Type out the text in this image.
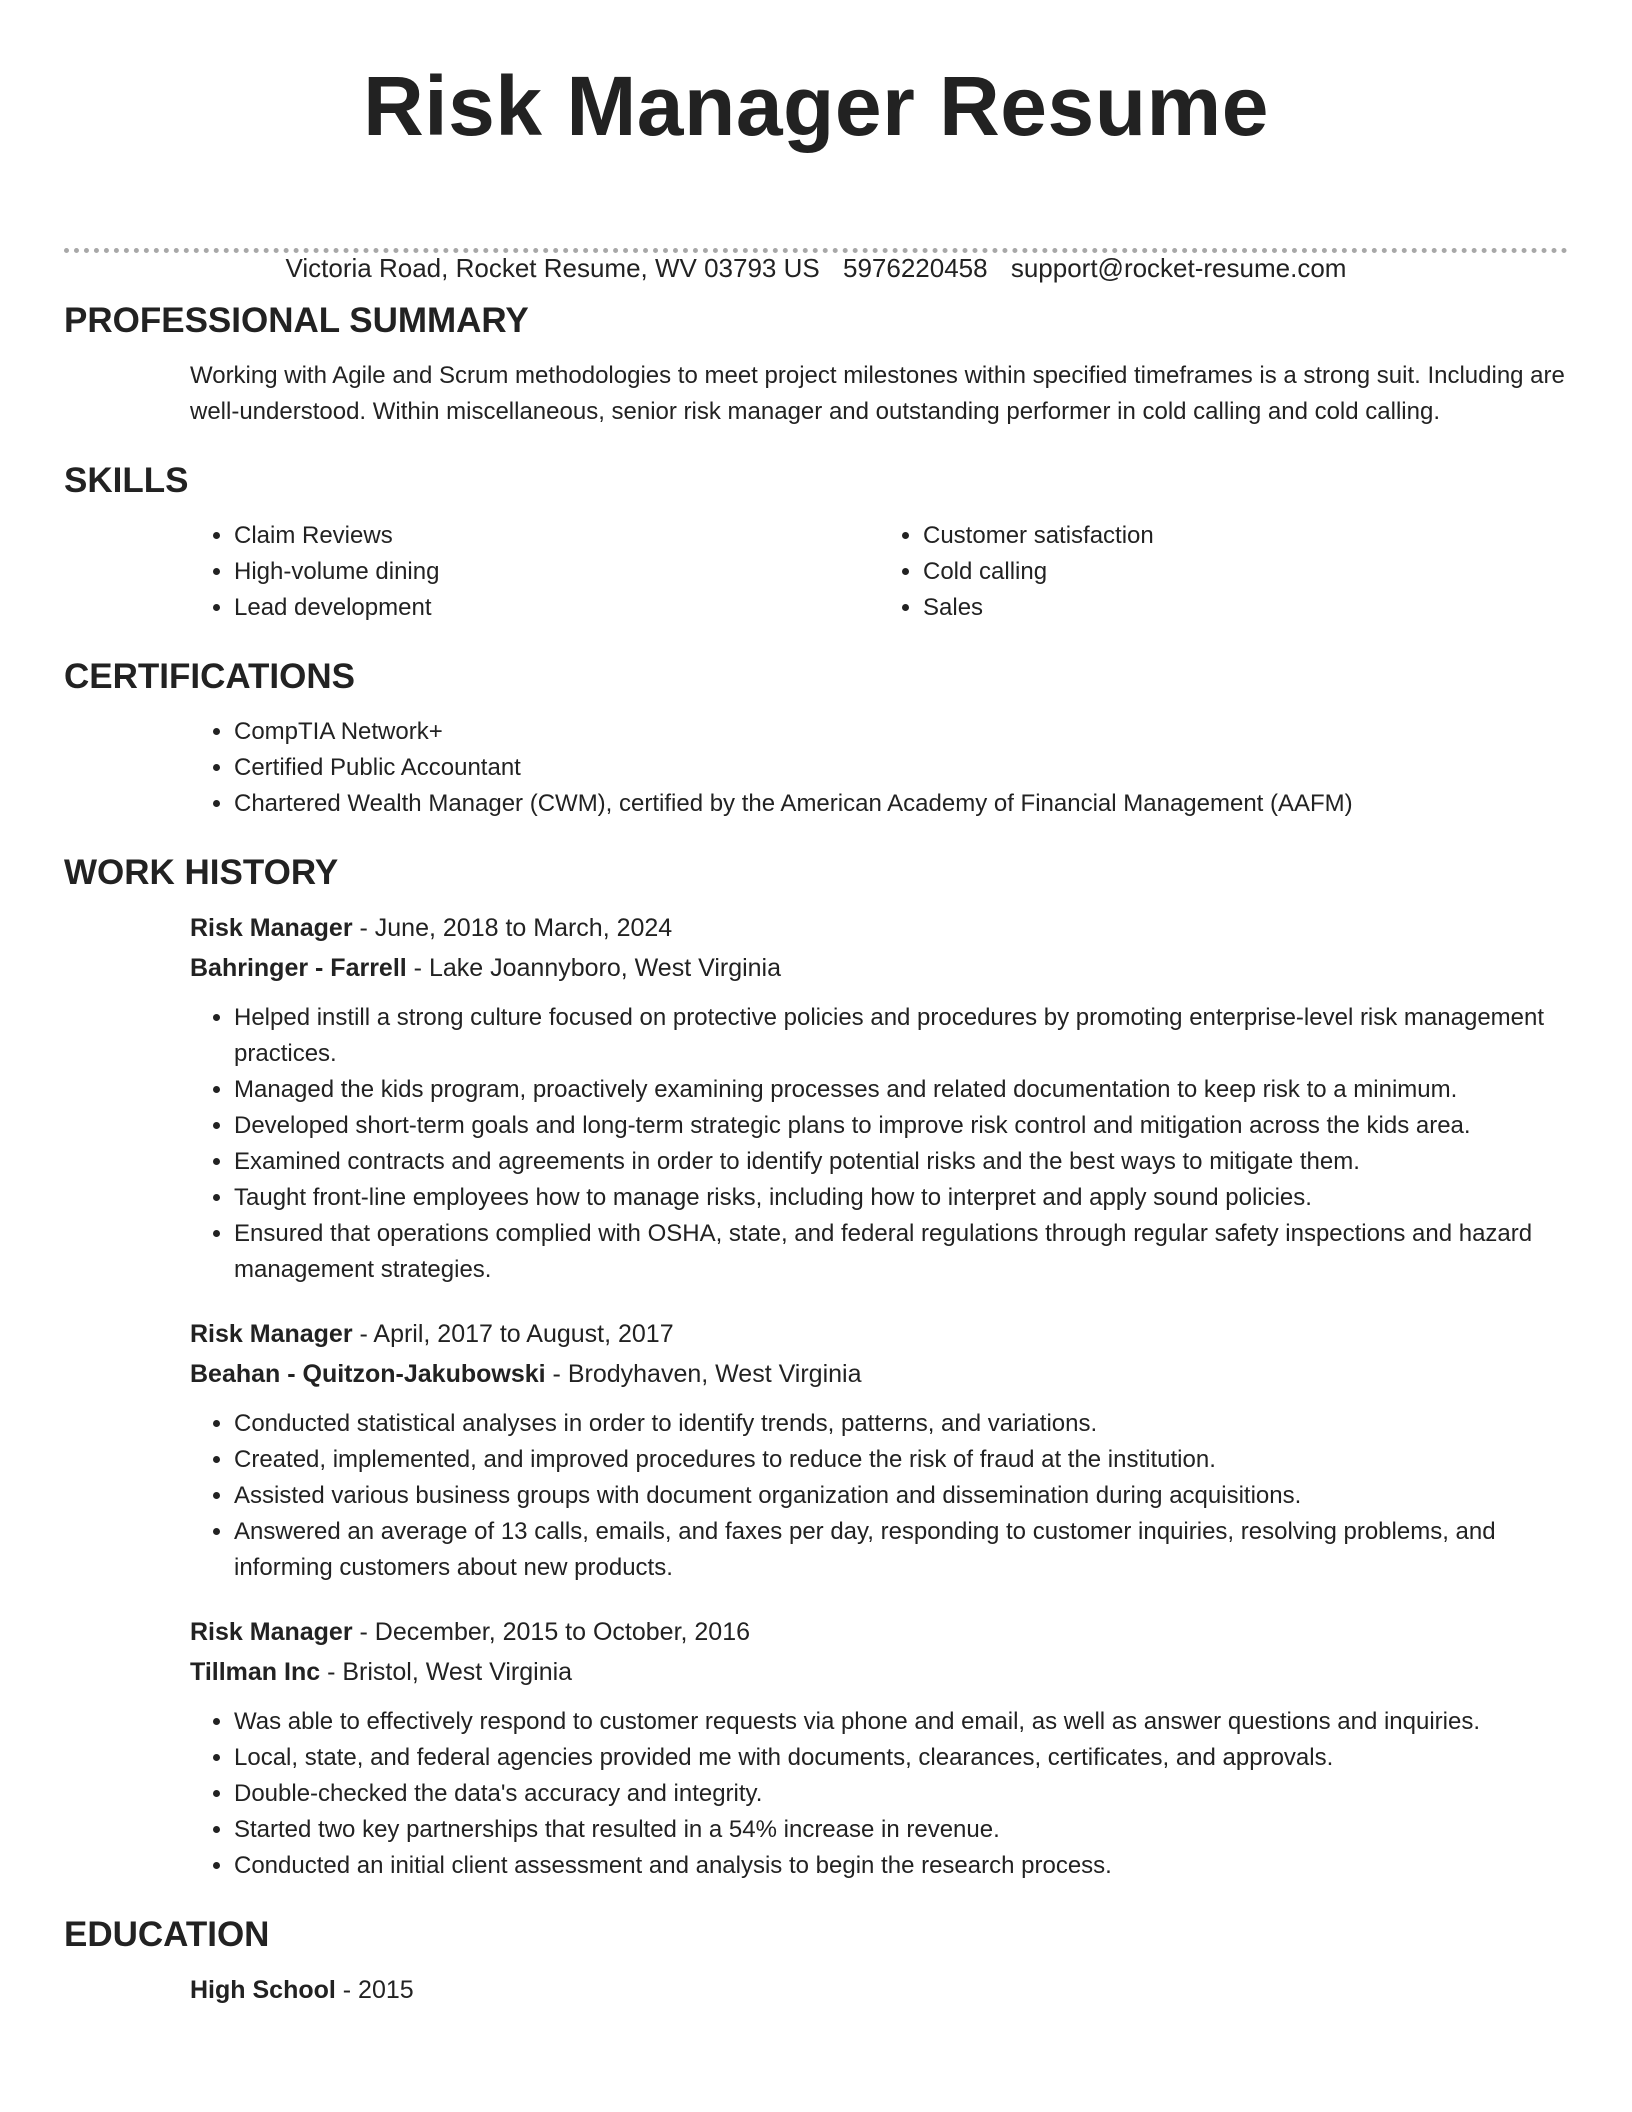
Risk Manager Resume
Victoria Road, Rocket Resume, WV 03793 US 5976220458 support@rocket-resume.com
PROFESSIONAL SUMMARY
Working with Agile and Scrum methodologies to meet project milestones within specified timeframes is a strong suit. Including are well-understood. Within miscellaneous, senior risk manager and outstanding performer in cold calling and cold calling.
SKILLS
• Claim Reviews
• High-volume dining
• Lead development
• Customer satisfaction
• Cold calling
• Sales
CERTIFICATIONS
• CompTIA Network+
• Certified Public Accountant
• Chartered Wealth Manager (CWM), certified by the American Academy of Financial Management (AAFM)
WORK HISTORY
Risk Manager - June, 2018 to March, 2024
Bahringer - Farrell - Lake Joannyboro, West Virginia
• Helped instill a strong culture focused on protective policies and procedures by promoting enterprise-level risk management practices.
• Managed the kids program, proactively examining processes and related documentation to keep risk to a minimum.
• Developed short-term goals and long-term strategic plans to improve risk control and mitigation across the kids area.
• Examined contracts and agreements in order to identify potential risks and the best ways to mitigate them.
• Taught front-line employees how to manage risks, including how to interpret and apply sound policies.
• Ensured that operations complied with OSHA, state, and federal regulations through regular safety inspections and hazard management strategies.
Risk Manager - April, 2017 to August, 2017
Beahan - Quitzon-Jakubowski - Brodyhaven, West Virginia
• Conducted statistical analyses in order to identify trends, patterns, and variations.
• Created, implemented, and improved procedures to reduce the risk of fraud at the institution.
• Assisted various business groups with document organization and dissemination during acquisitions.
• Answered an average of 13 calls, emails, and faxes per day, responding to customer inquiries, resolving problems, and informing customers about new products.
Risk Manager - December, 2015 to October, 2016
Tillman Inc - Bristol, West Virginia
• Was able to effectively respond to customer requests via phone and email, as well as answer questions and inquiries.
• Local, state, and federal agencies provided me with documents, clearances, certificates, and approvals.
• Double-checked the data's accuracy and integrity.
• Started two key partnerships that resulted in a 54% increase in revenue.
• Conducted an initial client assessment and analysis to begin the research process.
EDUCATION
High School - 2015
